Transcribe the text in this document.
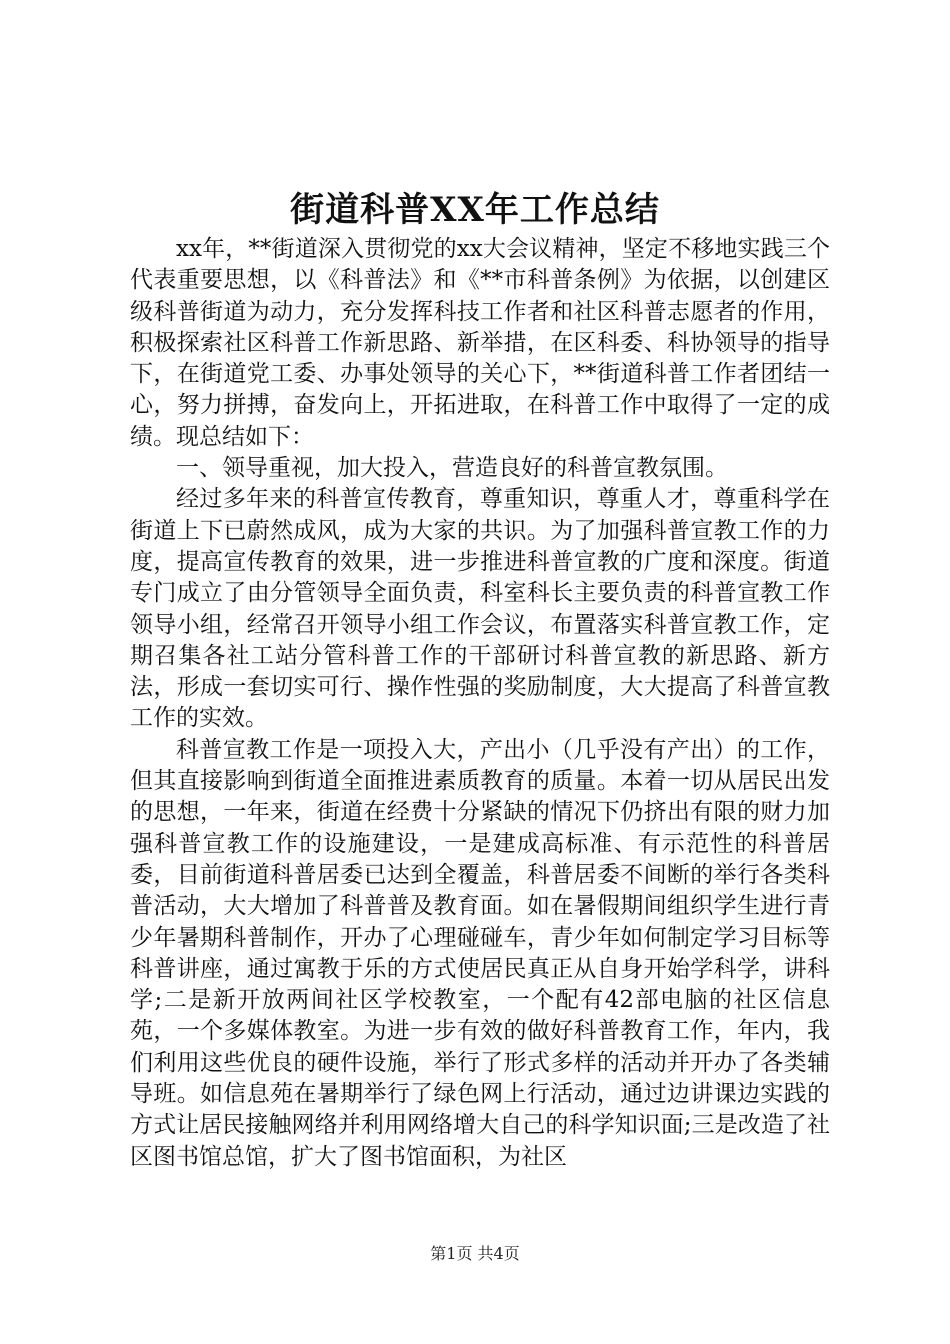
街道科普XX年工作总结

xx年，**街道深入贯彻党的xx大会议精神，坚定不移地实践三个代表重要思想，以《科普法》和《**市科普条例》为依据，以创建区级科普街道为动力，充分发挥科技工作者和社区科普志愿者的作用，积极探索社区科普工作新思路、新举措，在区科委、科协领导的指导下，在街道党工委、办事处领导的关心下，**街道科普工作者团结一心，努力拼搏，奋发向上，开拓进取，在科普工作中取得了一定的成绩。现总结如下：

一、领导重视，加大投入，营造良好的科普宣教氛围。

经过多年来的科普宣传教育，尊重知识，尊重人才，尊重科学在街道上下已蔚然成风，成为大家的共识。为了加强科普宣教工作的力度，提高宣传教育的效果，进一步推进科普宣教的广度和深度。街道专门成立了由分管领导全面负责，科室科长主要负责的科普宣教工作领导小组，经常召开领导小组工作会议，布置落实科普宣教工作，定期召集各社工站分管科普工作的干部研讨科普宣教的新思路、新方法，形成一套切实可行、操作性强的奖励制度，大大提高了科普宣教工作的实效。

科普宣教工作是一项投入大，产出小（几乎没有产出）的工作，但其直接影响到街道全面推进素质教育的质量。本着一切从居民出发的思想，一年来，街道在经费十分紧缺的情况下仍挤出有限的财力加强科普宣教工作的设施建设，一是建成高标准、有示范性的科普居委，目前街道科普居委已达到全覆盖，科普居委不间断的举行各类科普活动，大大增加了科普普及教育面。如在暑假期间组织学生进行青少年暑期科普制作，开办了心理碰碰车，青少年如何制定学习目标等科普讲座，通过寓教于乐的方式使居民真正从自身开始学科学，讲科学;二是新开放两间社区学校教室，一个配有42部电脑的社区信息苑，一个多媒体教室。为进一步有效的做好科普教育工作，年内，我们利用这些优良的硬件设施，举行了形式多样的活动并开办了各类辅导班。如信息苑在暑期举行了绿色网上行活动，通过边讲课边实践的方式让居民接触网络并利用网络增大自己的科学知识面;三是改造了社区图书馆总馆，扩大了图书馆面积，为社区

第1页 共4页
